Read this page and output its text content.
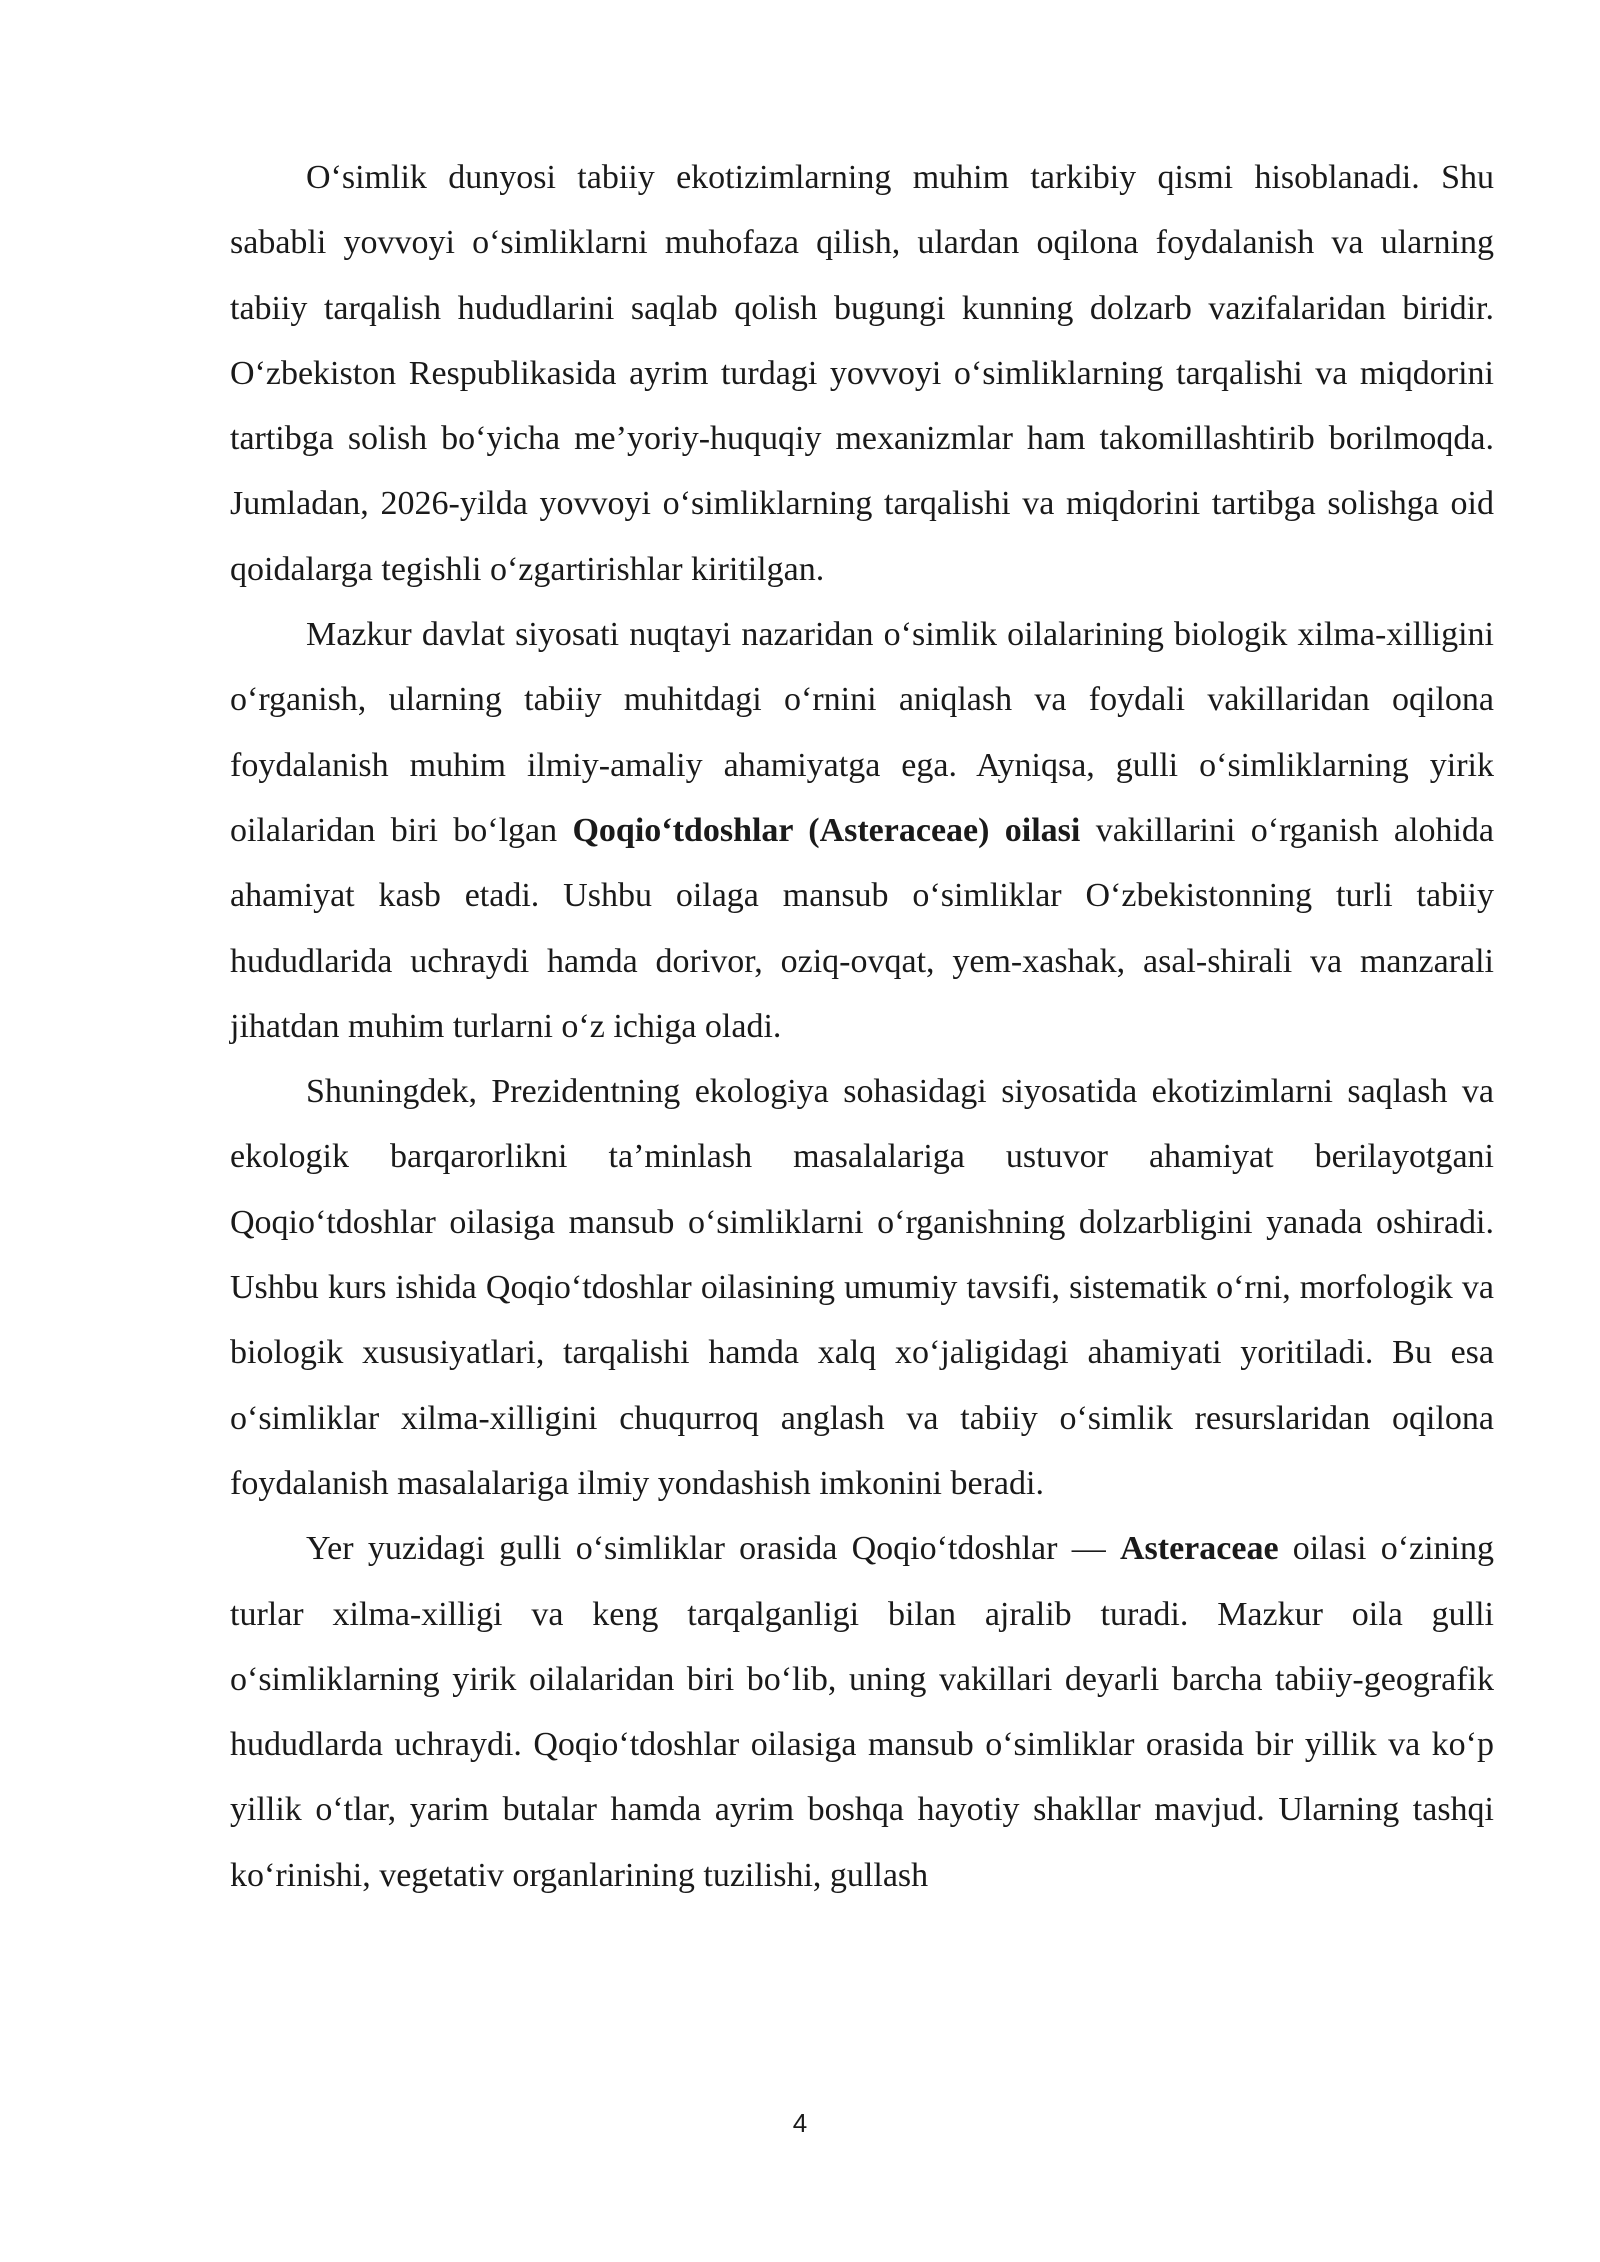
O‘simlik dunyosi tabiiy ekotizimlarning muhim tarkibiy qismi hisoblanadi. Shu sababli yovvoyi o‘simliklarni muhofaza qilish, ulardan oqilona foydalanish va ularning tabiiy tarqalish hududlarini saqlab qolish bugungi kunning dolzarb vazifalaridan biridir. O‘zbekiston Respublikasida ayrim turdagi yovvoyi o‘simliklarning tarqalishi va miqdorini tartibga solish bo‘yicha me’yoriy-huquqiy mexanizmlar ham takomillashtirib borilmoqda. Jumladan, 2026-yilda yovvoyi o‘simliklarning tarqalishi va miqdorini tartibga solishga oid qoidalarga tegishli o‘zgartirishlar kiritilgan.

Mazkur davlat siyosati nuqtayi nazaridan o‘simlik oilalarining biologik xilma-xilligini o‘rganish, ularning tabiiy muhitdagi o‘rnini aniqlash va foydali vakillaridan oqilona foydalanish muhim ilmiy-amaliy ahamiyatga ega. Ayniqsa, gulli o‘simliklarning yirik oilalaridan biri bo‘lgan Qoqio‘tdoshlar (Asteraceae) oilasi vakillarini o‘rganish alohida ahamiyat kasb etadi. Ushbu oilaga mansub o‘simliklar O‘zbekistonning turli tabiiy hududlarida uchraydi hamda dorivor, oziq-ovqat, yem-xashak, asal-shirali va manzarali jihatdan muhim turlarni o‘z ichiga oladi.

Shuningdek, Prezidentning ekologiya sohasidagi siyosatida ekotizimlarni saqlash va ekologik barqarorlikni ta’minlash masalalariga ustuvor ahamiyat berilayotgani Qoqio‘tdoshlar oilasiga mansub o‘simliklarni o‘rganishning dolzarbligini yanada oshiradi. Ushbu kurs ishida Qoqio‘tdoshlar oilasining umumiy tavsifi, sistematik o‘rni, morfologik va biologik xususiyatlari, tarqalishi hamda xalq xo‘jaligidagi ahamiyati yoritiladi. Bu esa o‘simliklar xilma-xilligini chuqurroq anglash va tabiiy o‘simlik resurslaridan oqilona foydalanish masalalariga ilmiy yondashish imkonini beradi.

Yer yuzidagi gulli o‘simliklar orasida Qoqio‘tdoshlar — Asteraceae oilasi o‘zining turlar xilma-xilligi va keng tarqalganligi bilan ajralib turadi. Mazkur oila gulli o‘simliklarning yirik oilalaridan biri bo‘lib, uning vakillari deyarli barcha tabiiy-geografik hududlarda uchraydi. Qoqio‘tdoshlar oilasiga mansub o‘simliklar orasida bir yillik va ko‘p yillik o‘tlar, yarim butalar hamda ayrim boshqa hayotiy shakllar mavjud. Ularning tashqi ko‘rinishi, vegetativ organlarining tuzilishi, gullash

4
